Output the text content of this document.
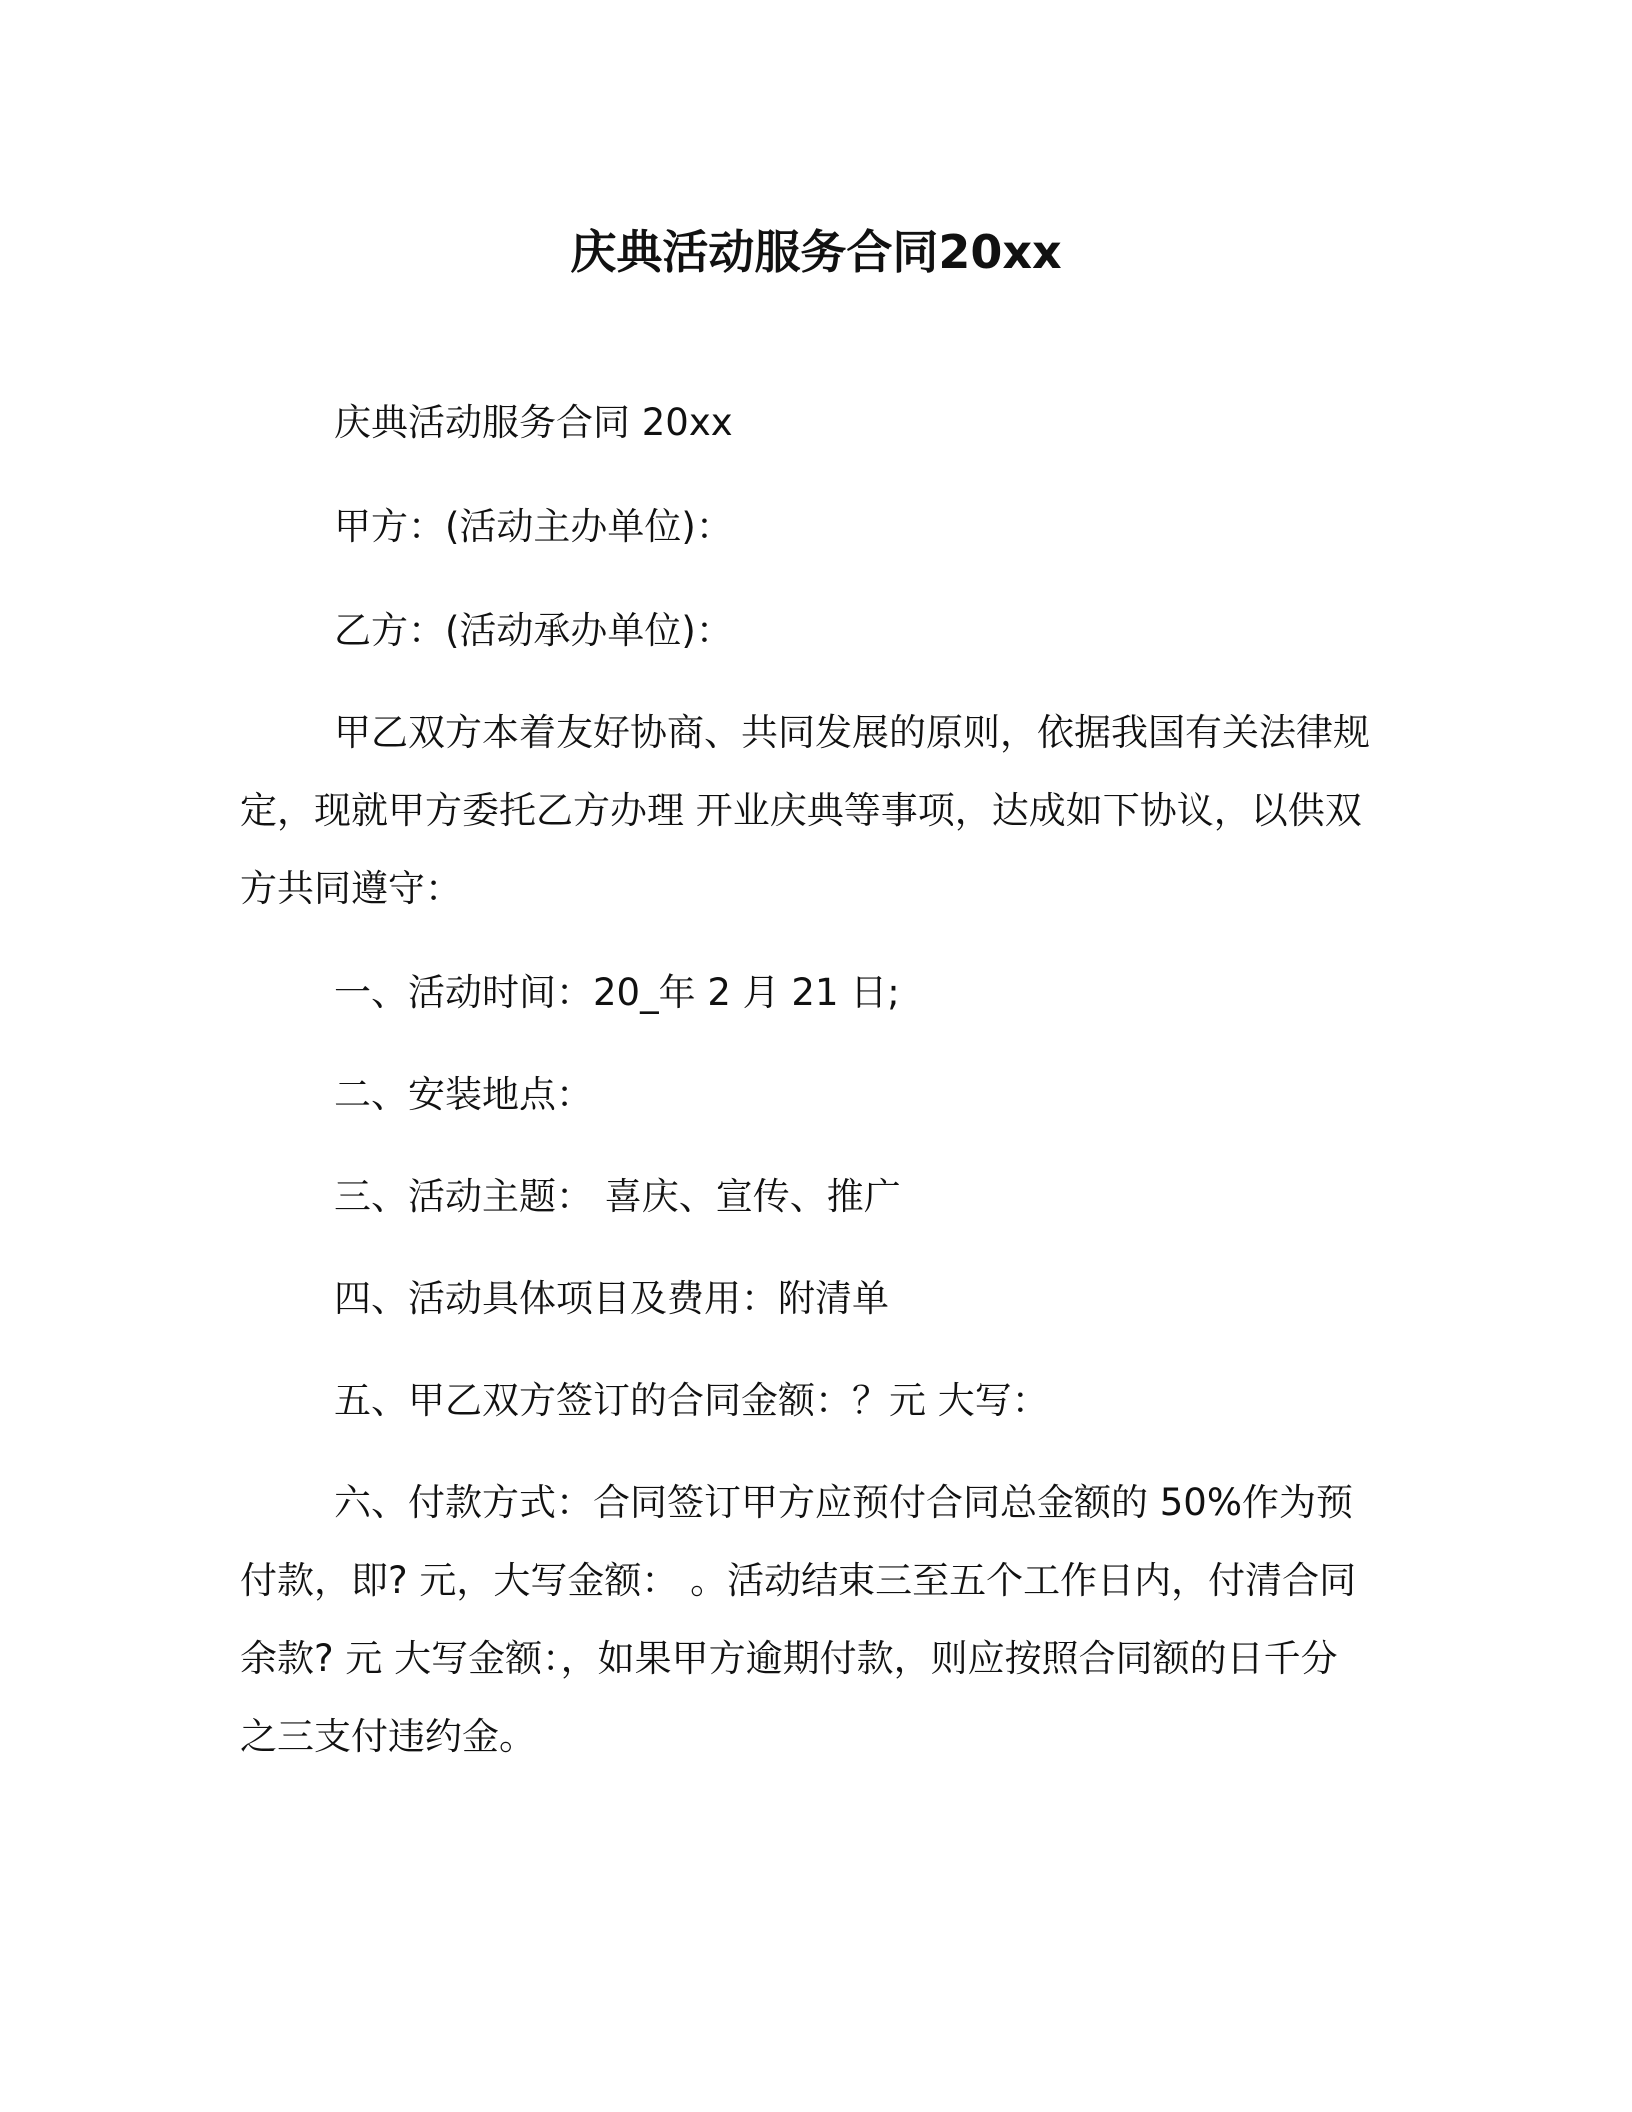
庆典活动服务合同20xx
庆典活动服务合同 20xx
甲方：(活动主办单位)：
乙方：(活动承办单位)：
甲乙双方本着友好协商、共同发展的原则，依据我国有关法律规
定，现就甲方委托乙方办理 开业庆典等事项，达成如下协议，以供双
方共同遵守：
一、活动时间：20_年 2 月 21 日;
二、安装地点：
三、活动主题： 喜庆、宣传、推广
四、活动具体项目及费用：附清单
五、甲乙双方签订的合同金额：？元 大写：
六、付款方式：合同签订甲方应预付合同总金额的 50%作为预
付款，即? 元，大写金额： 。活动结束三至五个工作日内，付清合同
余款? 元 大写金额：，如果甲方逾期付款，则应按照合同额的日千分
之三支付违约金。
